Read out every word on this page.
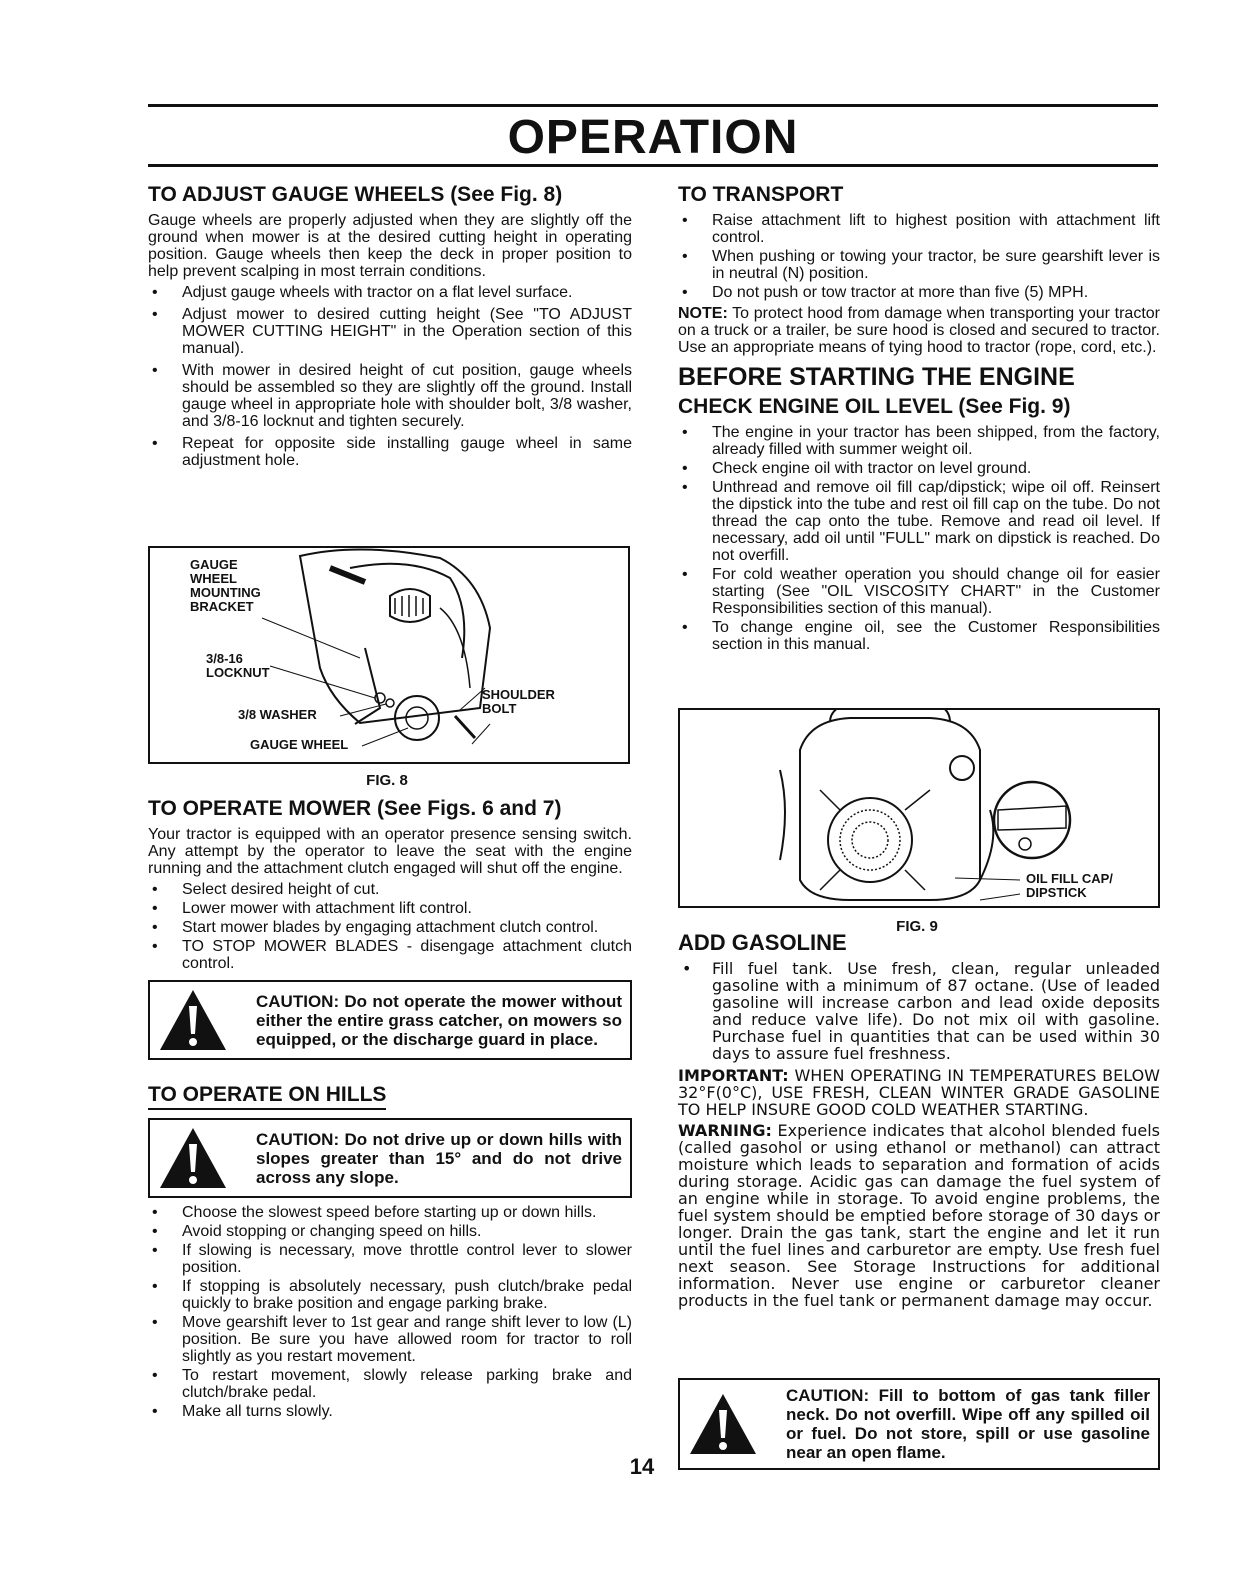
OPERATION
TO ADJUST GAUGE WHEELS (See Fig. 8)

Gauge wheels are properly adjusted when they are slightly off the ground when mower is at the desired cutting height in operating position. Gauge wheels then keep the deck in proper position to help prevent scalping in most terrain conditions.

• Adjust gauge wheels with tractor on a flat level surface.
• Adjust mower to desired cutting height (See "TO ADJUST MOWER CUTTING HEIGHT" in the Operation section of this manual).
• With mower in desired height of cut position, gauge wheels should be assembled so they are slightly off the ground. Install gauge wheel in appropriate hole with shoulder bolt, 3/8 washer, and 3/8-16 locknut and tighten securely.
• Repeat for opposite side installing gauge wheel in same adjustment hole.
GAUGE WHEEL MOUNTING BRACKET
3/8-16 LOCKNUT
3/8 WASHER
GAUGE WHEEL
SHOULDER BOLT
FIG. 8
TO OPERATE MOWER (See Figs. 6 and 7)

Your tractor is equipped with an operator presence sensing switch. Any attempt by the operator to leave the seat with the engine running and the attachment clutch engaged will shut off the engine.

• Select desired height of cut.
• Lower mower with attachment lift control.
• Start mower blades by engaging attachment clutch control.
• TO STOP MOWER BLADES - disengage attachment clutch control.
CAUTION: Do not operate the mower without either the entire grass catcher, on mowers so equipped, or the discharge guard in place.
TO OPERATE ON HILLS
CAUTION: Do not drive up or down hills with slopes greater than 15° and do not drive across any slope.
• Choose the slowest speed before starting up or down hills.
• Avoid stopping or changing speed on hills.
• If slowing is necessary, move throttle control lever to slower position.
• If stopping is absolutely necessary, push clutch/brake pedal quickly to brake position and engage parking brake.
• Move gearshift lever to 1st gear and range shift lever to low (L) position. Be sure you have allowed room for tractor to roll slightly as you restart movement.
• To restart movement, slowly release parking brake and clutch/brake pedal.
• Make all turns slowly.
TO TRANSPORT
• Raise attachment lift to highest position with attachment lift control.
• When pushing or towing your tractor, be sure gearshift lever is in neutral (N) position.
• Do not push or tow tractor at more than five (5) MPH.

NOTE: To protect hood from damage when transporting your tractor on a truck or a trailer, be sure hood is closed and secured to tractor. Use an appropriate means of tying hood to tractor (rope, cord, etc.).

BEFORE STARTING THE ENGINE
CHECK ENGINE OIL LEVEL (See Fig. 9)
• The engine in your tractor has been shipped, from the factory, already filled with summer weight oil.
• Check engine oil with tractor on level ground.
• Unthread and remove oil fill cap/dipstick; wipe oil off. Reinsert the dipstick into the tube and rest oil fill cap on the tube. Do not thread the cap onto the tube. Remove and read oil level. If necessary, add oil until "FULL" mark on dipstick is reached. Do not overfill.
• For cold weather operation you should change oil for easier starting (See "OIL VISCOSITY CHART" in the Customer Responsibilities section of this manual).
• To change engine oil, see the Customer Responsibilities section in this manual.
OIL FILL CAP/ DIPSTICK
FIG. 9
ADD GASOLINE
• Fill fuel tank. Use fresh, clean, regular unleaded gasoline with a minimum of 87 octane. (Use of leaded gasoline will increase carbon and lead oxide deposits and reduce valve life). Do not mix oil with gasoline. Purchase fuel in quantities that can be used within 30 days to assure fuel freshness.

IMPORTANT: WHEN OPERATING IN TEMPERATURES BELOW 32°F(0°C), USE FRESH, CLEAN WINTER GRADE GASOLINE TO HELP INSURE GOOD COLD WEATHER STARTING.

WARNING: Experience indicates that alcohol blended fuels (called gasohol or using ethanol or methanol) can attract moisture which leads to separation and formation of acids during storage. Acidic gas can damage the fuel system of an engine while in storage. To avoid engine problems, the fuel system should be emptied before storage of 30 days or longer. Drain the gas tank, start the engine and let it run until the fuel lines and carburetor are empty. Use fresh fuel next season. See Storage Instructions for additional information. Never use engine or carburetor cleaner products in the fuel tank or permanent damage may occur.

CAUTION: Fill to bottom of gas tank filler neck. Do not overfill. Wipe off any spilled oil or fuel. Do not store, spill or use gasoline near an open flame.
14
